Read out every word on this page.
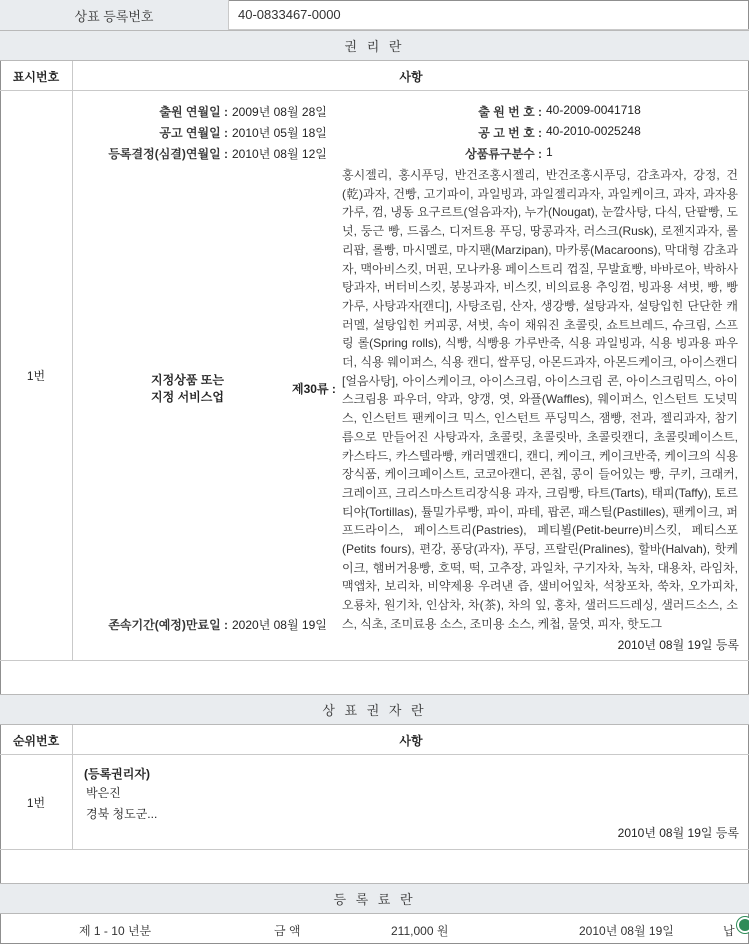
상표 등록번호	40-0833467-0000
권 리 란
표시번호	사항
1번
출원 연월일 : 2009년 08월 28일
공고 연월일 : 2010년 05월 18일
등록결정(심결)연월일 : 2010년 08월 12일
출 원 번 호 : 40-2009-0041718
공 고 번 호 : 40-2010-0025248
상품류구분수 : 1
지정상품 또는
지정 서비스업
제30류 :
홍시젤리, 홍시푸딩, 반건조홍시젤리, 반건조홍시푸딩, 감초과자, 강정, 건(乾)과자, 건빵, 고기파이, 과일빙과, 과일젤리과자, 과일케이크, 과자, 과자용 가루, 껌, 냉동 요구르트(얼음과자), 누가(Nougat), 눈깔사탕, 다식, 단팥빵, 도넛, 둥근 빵, 드롭스, 디저트용 푸딩, 땅콩과자, 러스크(Rusk), 로젠지과자, 롤리팝, 롤빵, 마시멜로, 마지팬(Marzipan), 마카롱(Macaroons), 막대형 감초과자, 맥아비스킷, 머핀, 모나카용 페이스트리 껍질, 무발효빵, 바바로아, 박하사탕과자, 버터비스킷, 봉봉과자, 비스킷, 비의료용 추잉껌, 빙과용 셔벗, 빵, 빵가루, 사탕과자[캔디], 사탕조림, 산자, 생강빵, 설탕과자, 설탕입힌 단단한 캐러멜, 설탕입힌 커피콩, 셔벗, 속이 채워진 초콜릿, 쇼트브레드, 슈크림, 스프링 롤(Spring rolls), 식빵, 식빵용 가루반죽, 식용 과일빙과, 식용 빙과용 파우더, 식용 웨이퍼스, 식용 캔디, 쌀푸딩, 아몬드과자, 아몬드케이크, 아이스캔디[얼음사탕], 아이스케이크, 아이스크림, 아이스크림 콘, 아이스크림믹스, 아이스크림용 파우더, 약과, 양갱, 엿, 와플(Waffles), 웨이퍼스, 인스턴트 도넛믹스, 인스턴트 팬케이크 믹스, 인스턴트 푸딩믹스, 잼빵, 전과, 젤리과자, 참기름으로 만들어진 사탕과자, 초콜릿, 초콜릿바, 초콜릿캔디, 초콜릿페이스트, 카스타드, 카스텔라빵, 캐러멜캔디, 캔디, 케이크, 케이크반죽, 케이크의 식용장식품, 케이크페이스트, 코코아캔디, 콘칩, 콩이 들어있는 빵, 쿠키, 크래커, 크레이프, 크리스마스트리장식용 과자, 크림빵, 타트(Tarts), 태피(Taffy), 토르티야(Tortillas), 튤밀가루빵, 파이, 파테, 팝콘, 패스틸(Pastilles), 팬케이크, 퍼프드라이스, 페이스트리(Pastries), 페티뵐(Petit-beurre)비스킷, 페티스포(Petits fours), 편강, 퐁당(과자), 푸딩, 프랄린(Pralines), 할바(Halvah), 핫케이크, 햄버거용빵, 호떡, 떡, 고추장, 과일차, 구기자차, 녹차, 대용차, 라임차, 맥앱차, 보리차, 비약제용 우려낸 즙, 샐비어잎차, 석창포차, 쑥차, 오가피차, 오룡차, 원기차, 인삼차, 차(茶), 차의 잎, 홍차, 샐러드드레싱, 샐러드소스, 소스, 식초, 조미료용 소스, 조미용 소스, 케첩, 물엿, 피자, 핫도그
존속기간(예정)만료일 : 2020년 08월 19일
2010년 08월 19일 등록
상 표 권 자 란
순위번호	사항
1번
(등록권리자)
박은진
경북 청도군...
2010년 08월 19일 등록
등 록 료 란
제 1 - 10 년분	금 액	211,000 원	2010년 08월 19일	납
